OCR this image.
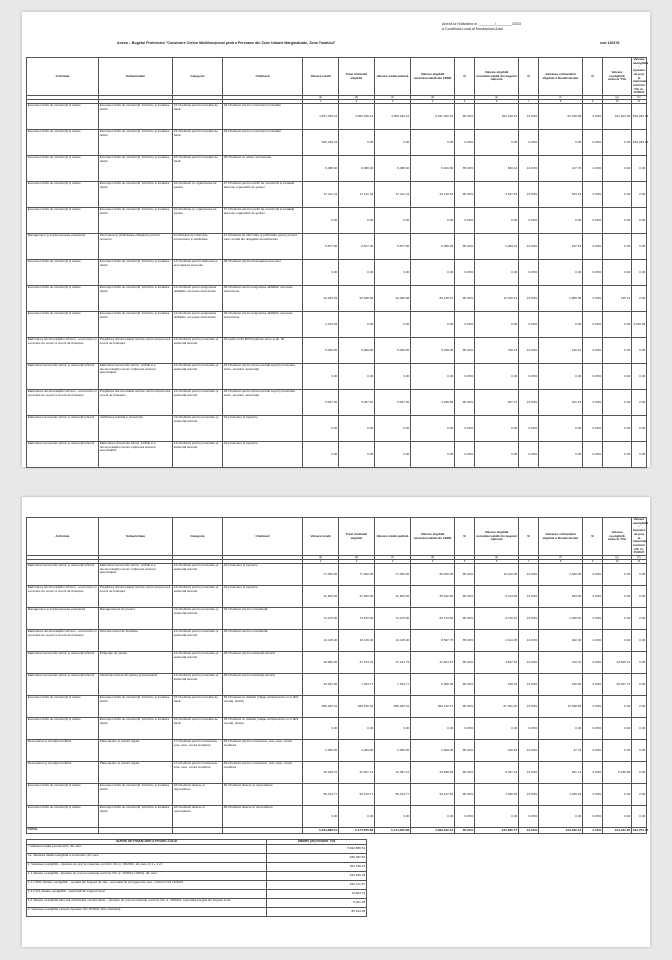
Anexă la Hotărârea nr. ________/________/2023
a Consiliului Local al Municipiului Arad
Anexa – Bugetul Proiectului "Construire Centru Multifuncțional pentru Persoane din Zone Urbane Marginalizate, Zona Tarafului"	cod 126378
Activitate	Subactivitate	Categorie	Cheltuieli	Valoare totală	Total cheltuieli eligibile	Valoare totală publică	Valoare eligibilă nerambursabilă din FEDR	%	Valoare eligibilă nerambursabilă din bugetul național	%	Valoarea cofinanțării eligibile a Beneficiarului	%	Valoare neeligibilă inclusiv TVA	Valoare neeligibilă – Ajustare de preț la materiale conform OG nr. 15/2021
				(a)	(b)	(c)	(d)		(e)		(f)		(g)	(h)
				1	2	3	4	5	6	7	8	9	10	11
Executie lucrări de construcţii şi dotare	Execuţie lucrări de construcţii, furnizare şi instalare dotări	15-Cheltuieli pentru investiţia de bază	23-Cheltuieli pentru construcţii şi instalaţii	4,571,399.44	4,050,946.14	4,050,949.24	3,431,302.97	85.00%	521,420.67	13.00%	81,018.96	2.00%	161,914.30	526,239.34
Executie lucrări de construcţii şi dotare	Execuţie lucrări de construcţii, furnizare şi instalare dotări	15-Cheltuieli pentru investiţia de bază	23-Cheltuieli pentru construcţii şi instalaţii	526,239.34	0.00	0.00	0.00	0.00%	0.00	0.00%	0.00	0.00%	0.00	526,239.34
Executie lucrări de construcţii şi dotare	Execuţie lucrări de construcţii, furnizare şi instalare dotări	15-Cheltuieli pentru investiţia de bază	25-Cheltuieli cu active necorporale	6,388.00	6,388.00	6,388.00	5,429.80	85.00%	830.44	13.00%	127.76	2.00%	0.00	0.00
Executie lucrări de construcţii şi dotare	Execuţie lucrări de construcţii, furnizare şi instalare dotări	16-Cheltuieli cu organizarea de şantier	27-Cheltuieli pentru lucrări de construcţii şi instalaţii aferente organizării de şantier	27,211.34	27,211.34	27,211.34	23,129.64	85.00%	3,537.51	13.00%	544.23	2.00%	0.00	0.00
Executie lucrări de construcţii şi dotare	Execuţie lucrări de construcţii, furnizare şi instalare dotări	16-Cheltuieli cu organizarea de şantier	27-Cheltuieli pentru lucrări de construcţii şi instalaţii aferente organizării de şantier	0.00	0.00	0.00	0.00	0.00%	0.00	0.00%	0.00	0.00%	0.00	0.00
Management şi implementarea proiectului	Informarea şi publicitatea obligatorie privind proiectul	6-Cheltuieli de informare, comunicare şi publicitate	17-Cheltuieli de informare şi publicitate pentru proiect, care rezultă din obligaţiile beneficiarului	9,877.00	9,877.00	9,877.00	8,395.45	85.00%	1,284.01	13.00%	197.54	2.00%	0.00	0.00
Executie lucrări de construcţii şi dotare	Execuţie lucrări de construcţii, furnizare şi instalare dotări	13-Cheltuieli pentru obţinerea şi amenajarea terenului	08-Cheltuieli pentru amenajarea terenului	0.00	0.00	0.00	0.00	0.00%	0.00	0.00%	0.00	0.00%	0.00	0.00
Executie lucrări de construcţii şi dotare	Execuţie lucrări de construcţii, furnizare şi instalare dotări	14-Cheltuieli pentru asigurarea utilităţilor necesare obiectivului	09-Cheltuieli pentru asigurarea utilităţilor necesare obiectivului	94,944.09	94,368.98	94,368.98	80,128.07	85.00%	12,250.41	13.00%	1,885.38	2.00%	125.21	0.00
Executie lucrări de construcţii şi dotare	Execuţie lucrări de construcţii, furnizare şi instalare dotări	14-Cheltuieli pentru asigurarea utilităţilor necesare obiectivului	09-Cheltuieli pentru asigurarea utilităţilor necesare obiectivului	4,315.39	0.00	0.00	0.00	0.00%	0.00	0.00%	0.00	0.00%	0.00	4,315.39
Elaborarea documentaţiilor tehnico - economice şi serviciilor de suport a cererii de finanţare	Pregătirea documentaţiei tehnice pentru depunerea cererii de finanţare	14-Cheltuieli pentru proiectare şi asistenţă tehnică	42-studii şi NO BOT(studii de teren şi alt. 38	6,069.50	6,069.50	6,069.50	5,158.08	85.00%	790.23	13.00%	120.10	2.00%	0.00	0.00
Elaborarea proiectului tehnic şi asistenţă tehnică	Elaborarea proiectului tehnic, a DDE si a documentaţiilor pentru obţinerea avizelor, autorizaţiilor	14-Cheltuieli pentru proiectare şi asistenţă tehnică	43-Cheltuieli pentru (documentaţii suport) proiectare avize, acorduri, autorizaţii	0.00	0.00	0.00	0.00	0.00%	0.00	0.00%	0.00	0.00%	0.00	0.00
Elaborarea documentaţiilor tehnico - economice şi serviciilor de suport a cererii de finanţare	Pregătirea documentaţiei tehnice pentru depunerea cererii de finanţare	14-Cheltuieli pentru proiectare şi asistenţă tehnică	43-Cheltuieli pentru (documentaţii suport) proiectare avize, acorduri, autorizaţii	5,057.50	5,057.50	5,057.50	4,298.88	85.00%	657.47	13.00%	101.15	2.00%	0.00	0.00
Elaborarea proiectului tehnic şi asistenţă tehnică	Verificarea tehnică a proiectului	14-Cheltuieli pentru proiectare şi asistenţă tehnică	44-proiectare şi inginerie	0.00	0.00	0.00	0.00	0.00%	0.00	0.00%	0.00	0.00%	0.00	0.00
Elaborarea proiectului tehnic şi asistenţă tehnică	Elaborarea proiectului tehnic, a DDE si a documentaţiilor pentru obţinerea avizelor, autorizaţiilor	14-Cheltuieli pentru proiectare şi asistenţă tehnică	44-proiectare şi inginerie	0.00	0.00	0.00	0.00	0.00%	0.00	0.00%	0.00	0.00%	0.00	0.00
Activitate	Subactivitate	Categorie	Cheltuieli	Valoare totală	Total cheltuieli eligibile	Valoare totală publică	Valoare eligibilă nerambursabilă din FEDR	%	Valoare eligibilă nerambursabilă din bugetul național	%	Valoarea cofinanțării eligibile a Beneficiarului	%	Valoare neeligibilă inclusiv TVA	Valoare neeligibilă – Ajustare de preț la materiale conform OG nr. 15/2021
				(a)	(b)	(c)	(d)		(e)		(f)		(g)	(h)
				1	2	3	4	5	6	7	8	9	10	11
Elaborarea proiectului tehnic şi asistenţă tehnică	Elaborarea proiectului tehnic, a DDE si a documentaţiilor pentru obţinerea avizelor, autorizaţiilor	14-Cheltuieli pentru proiectare şi asistenţă tehnică	44-proiectare şi inginerie	77,000.00	77,000.00	77,000.00	65,450.00	85.00%	10,010.00	13.00%	1,540.00	2.00%	0.00	0.00
Elaborarea documentaţiilor tehnico - economice şi serviciilor de suport a cererii de finanţare	Pregătirea documentaţiei tehnice pentru depunerea cererii de finanţare	14-Cheltuieli pentru proiectare şi asistenţă tehnică	44-proiectare şi inginerie	41,650.00	41,650.00	41,650.00	35,402.50	85.00%	5,414.50	13.00%	833.00	2.00%	0.00	0.00
Management şi implementarea proiectului	Managementul de proiect	14-Cheltuieli pentru proiectare şi asistenţă tehnică	46-Cheltuieli pentru consultanţă	74,970.00	74,970.00	74,970.00	63,724.50	85.00%	9,746.10	13.00%	1,499.40	2.00%	0.00	0.00
Elaborarea documentaţiilor tehnico - economice şi serviciilor de suport a cererii de finanţare	Scrierea cererii de finanţare	14-Cheltuieli pentru proiectare şi asistenţă tehnică	46-Cheltuieli pentru consultanţă	10,115.00	10,115.00	10,115.00	8,597.75	85.00%	1,314.95	13.00%	202.30	2.00%	0.00	0.00
Elaborarea proiectului tehnic şi asistenţă tehnică	Dirigenţie de şantier	14-Cheltuieli pentru proiectare şi asistenţă tehnică	48-Cheltuieli pentru asistenţă tehnică	49,980.00	37,134.79	37,134.79	31,564.57	85.00%	4,827.52	13.00%	742.70	2.00%	12,845.21	0.00
Elaborarea proiectului tehnic şi asistenţă tehnică	Asistenţa tehnica din partea proiectantului	14-Cheltuieli pentru proiectare şi asistenţă tehnică	48-Cheltuieli pentru asistenţă tehnică	33,022.50	7,524.77	7,524.77	6,396.05	85.00%	978.22	13.00%	150.50	2.00%	25,497.73	0.00
Executie lucrări de construcţii şi dotare	Execuţie lucrări de construcţii, furnizare şi instalare dotări	15-Cheltuieli pentru investiţia de bază	53-Cheltuieli cu dotările (utilaje,echipamente cu şi fără montaj, dotări)	669,932.32	669,932.32	669,932.32	569,442.47	85.00%	87,091.20	13.00%	13,398.65	2.00%	0.00	0.00
Executie lucrări de construcţii şi dotare	Execuţie lucrări de construcţii, furnizare şi instalare dotări	15-Cheltuieli pentru investiţia de bază	53-Cheltuieli cu dotările (utilaje,echipamente cu şi fără montaj, dotări)	0.00	0.00	0.00	0.00	0.00%	0.00	0.00%	0.00	0.00%	0.00	0.00
Decontarea și recepția lucrărilor	Plata taxelor și cotelor legale	17-Cheltuieli pentru comisioane, cote, taxe, costul creditului	59-Cheltuieli pentru comisioane, cote, taxe, costul creditului	2,389.50	2,389.50	2,389.50	1,903.08	85.00%	310.63	13.00%	47.79	2.00%	0.00	0.00
Decontarea și recepția lucrărilor	Plata taxelor și cotelor legale	17-Cheltuieli pentru comisioane, cote, taxe, costul creditului	59-Cheltuieli pentru comisioane, cote, taxe, costul creditului	46,246.70	41,057.12	41,057.12	34,898.56	85.00%	5,337.44	13.00%	821.14	2.00%	5,188.58	0.00
Executie lucrări de construcţii şi dotare	Execuţie lucrări de construcţii, furnizare şi instalare dotări	18-Cheltuieli diverse şi neprevăzute	60-Cheltuieli diverse şi neprevăzute	59,314.77	59,314.77	59,314.77	50,417.55	85.00%	7,690.93	13.00%	1,186.29	2.00%	0.00	0.00
Executie lucrări de construcţii şi dotare	Execuţie lucrări de construcţii, furnizare şi instalare dotări	18-Cheltuieli diverse şi neprevăzute	60-Cheltuieli diverse şi neprevăzute	0.00	0.00	0.00	0.00	0.00%	0.00	0.00%	0.00	0.00%	0.00	0.00
TOTAL				5,810,888.51	5,174,505.88	5,174,505.88	4,398,330.10	85.00%	672,685.77	13.00%	103,490.12	2.00%	104,451.35	532,371.37
SURSE DE FINANTARE A PROIECTULUI	Valoare (lei) inclusiv TVA
I. Valoarea totală a proiectului, din care:	5,810,888.51
I.a. Valoarea totală neeligibilă a proiectului, din care:	636,382.52
1. Valoarea neeligibilă – Ajustare de preţ la materiale conform OG nr. 15/2021, din care (1.1 + 1.2):	551,158.24
1.1 Valoare neeligibilă - Ajustare de preţ la materiale conform OG nr. 15/2021 (100%), din care:	543,236.29
1.1.1 98% Valoare neeligibilă – la plata din bugetul de stat - suportată de la bugetul de stat - conform OG 15/2021	532,371.57
1.1.2 2% valoare neeligibilă - suportată din bugetul local	10,864.72
1.2 Valoare neeligibilă aferentă cheltuielilor rambursabile – Ajustare de preț la materiale conform OG nr. 15/2021, suportată integral din bugetul local	8,921.95
2. Valoarea neeligibilă exclusiv Ajustare OG 15/2021 (alte cheltuieli)	85,224.28
